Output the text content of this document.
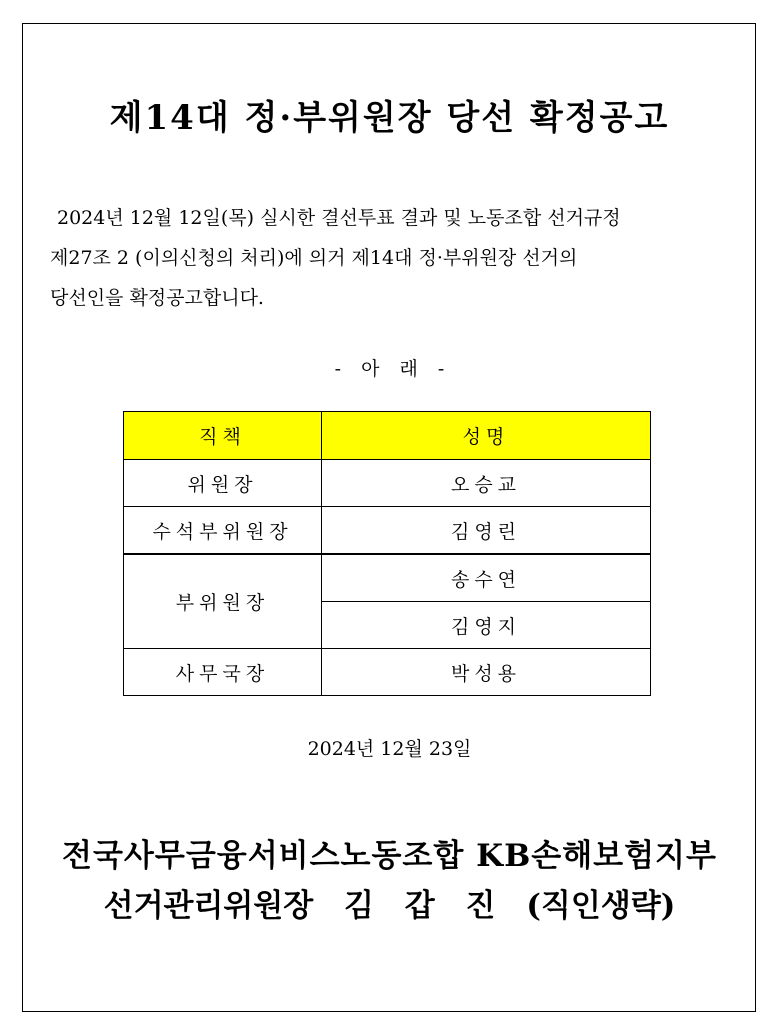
제14대 정·부위원장 당선 확정공고
2024년 12월 12일(목) 실시한 결선투표 결과 및 노동조합 선거규정
제27조 2 (이의신청의 처리)에 의거 제14대 정·부위원장 선거의
당선인을 확정공고합니다.
- 아 래 -
직책	성명
위원장	오승교
수석부위원장	김영린
부위원장	송수연
	김영지
사무국장	박성용
2024년 12월 23일
전국사무금융서비스노동조합 KB손해보험지부
선거관리위원장 김 갑 진 (직인생략)
